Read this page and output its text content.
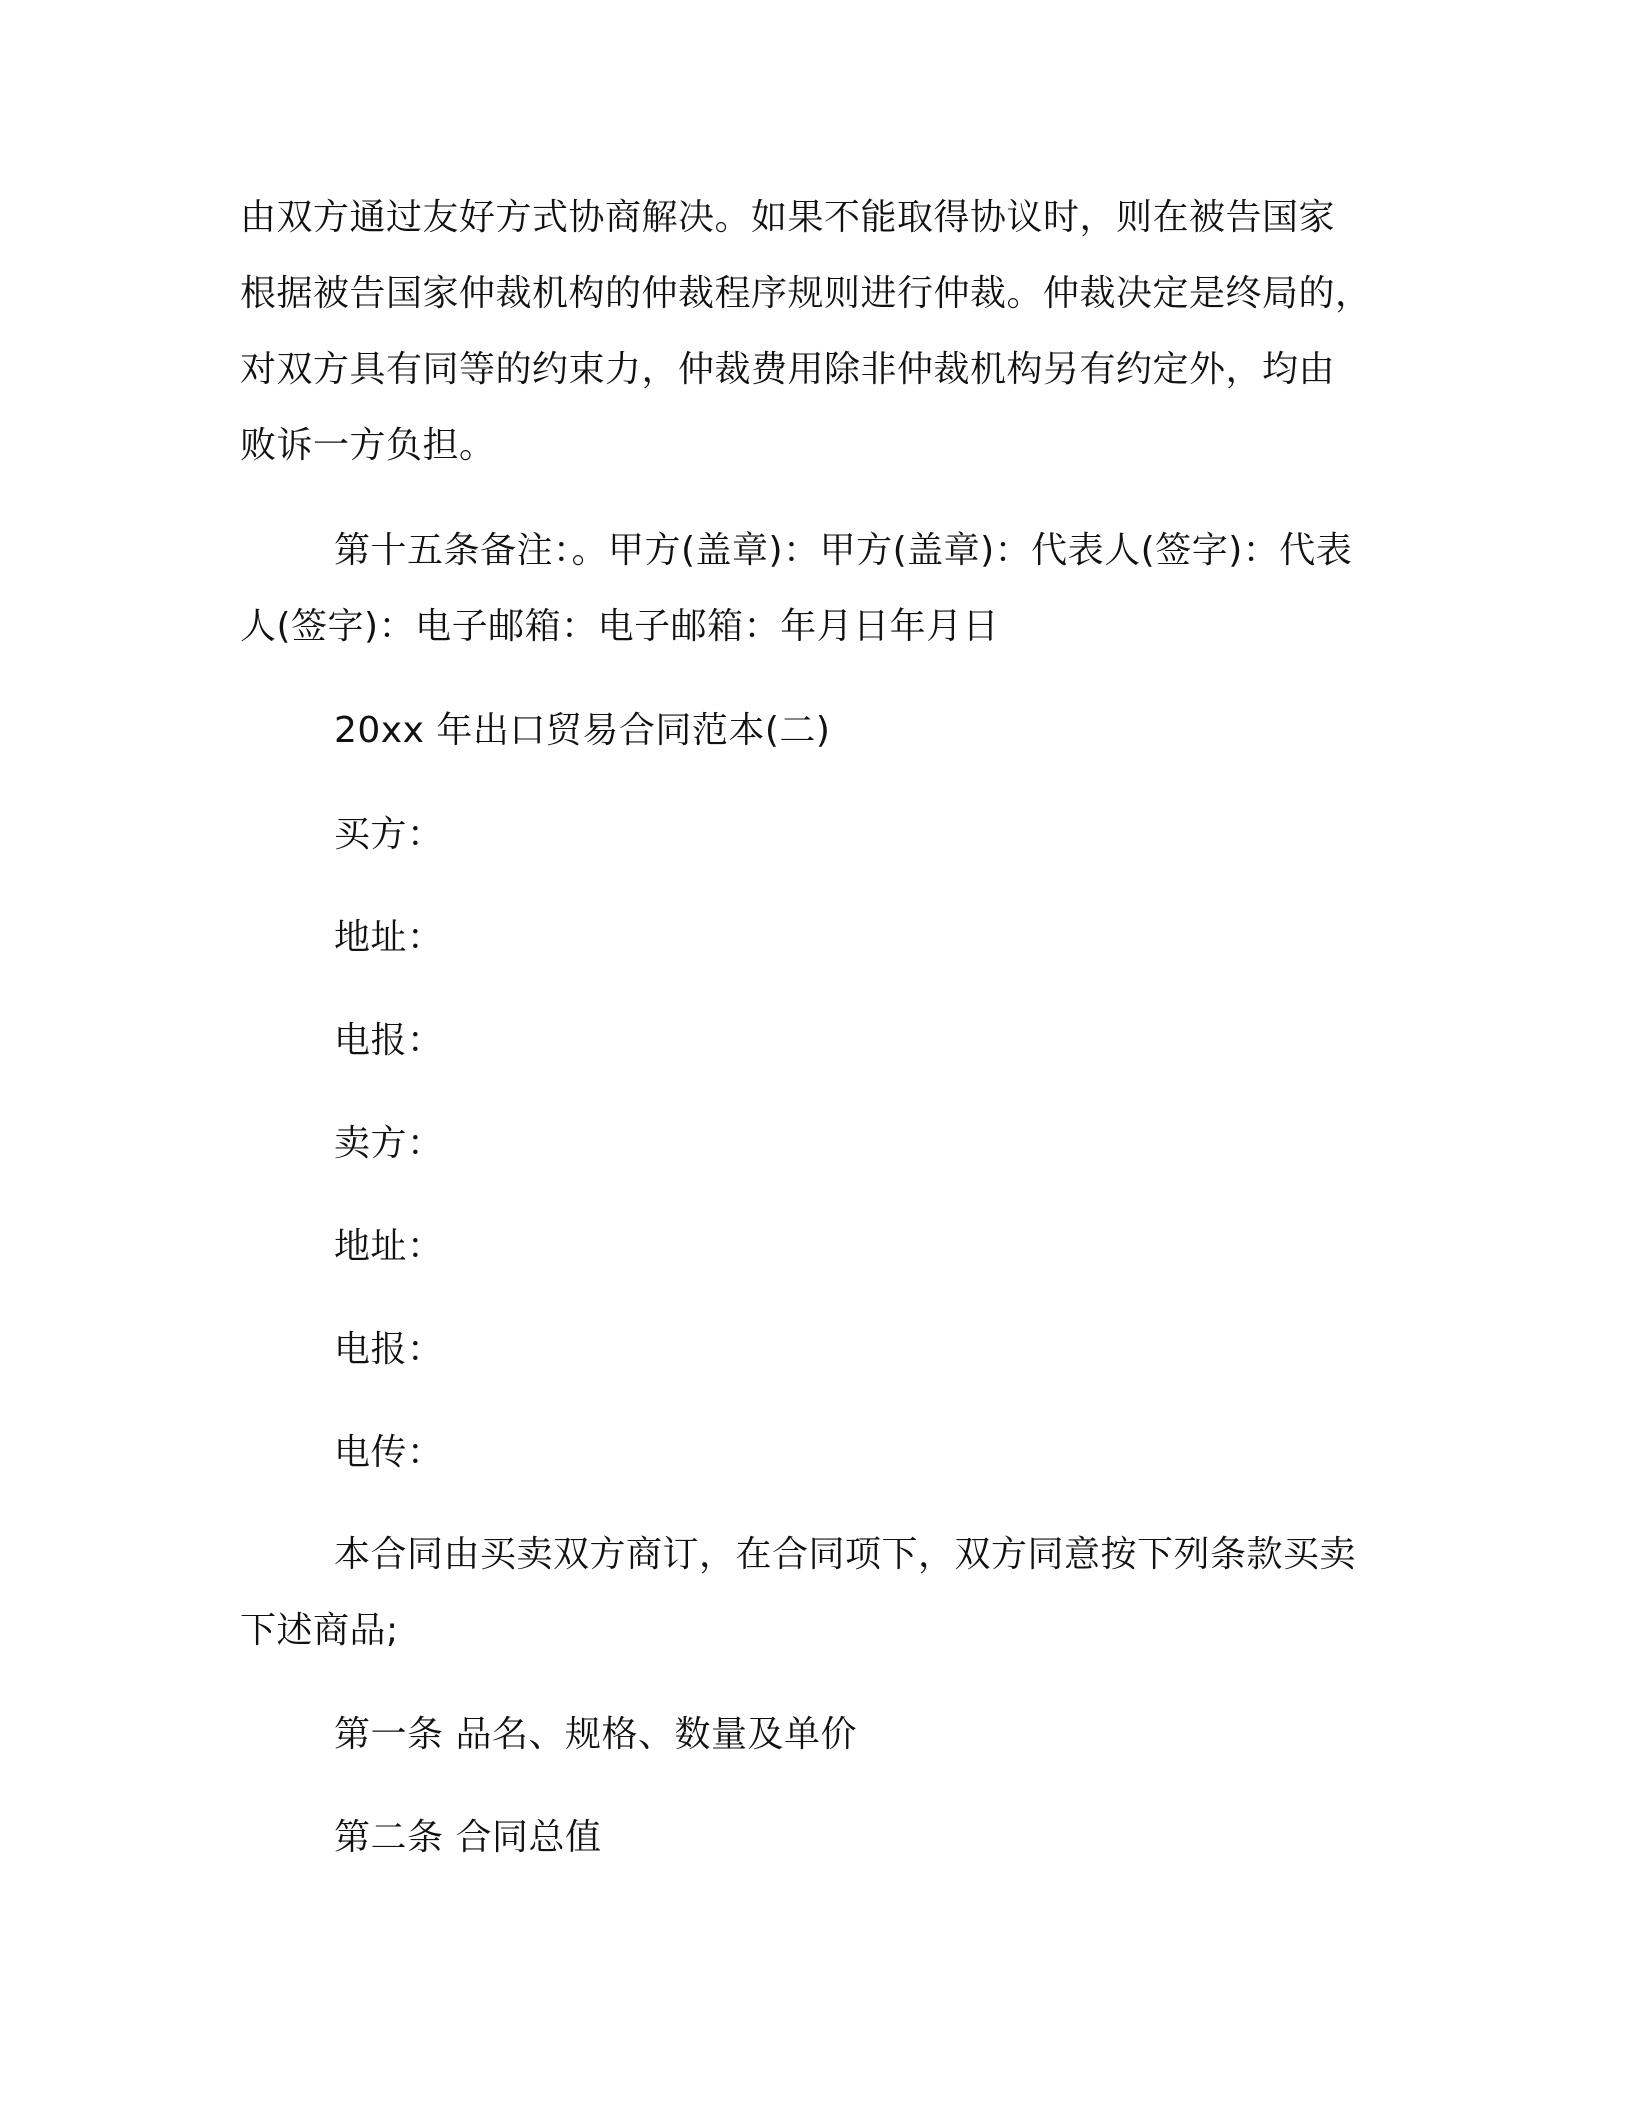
由双方通过友好方式协商解决。如果不能取得协议时，则在被告国家
根据被告国家仲裁机构的仲裁程序规则进行仲裁。仲裁决定是终局的，
对双方具有同等的约束力，仲裁费用除非仲裁机构另有约定外，均由
败诉一方负担。
第十五条备注：。甲方(盖章)：甲方(盖章)：代表人(签字)：代表
人(签字)：电子邮箱：电子邮箱：年月日年月日
20xx 年出口贸易合同范本(二)
买方：
地址：
电报：
卖方：
地址：
电报：
电传：
本合同由买卖双方商订，在合同项下，双方同意按下列条款买卖
下述商品;
第一条 品名、规格、数量及单价
第二条 合同总值
